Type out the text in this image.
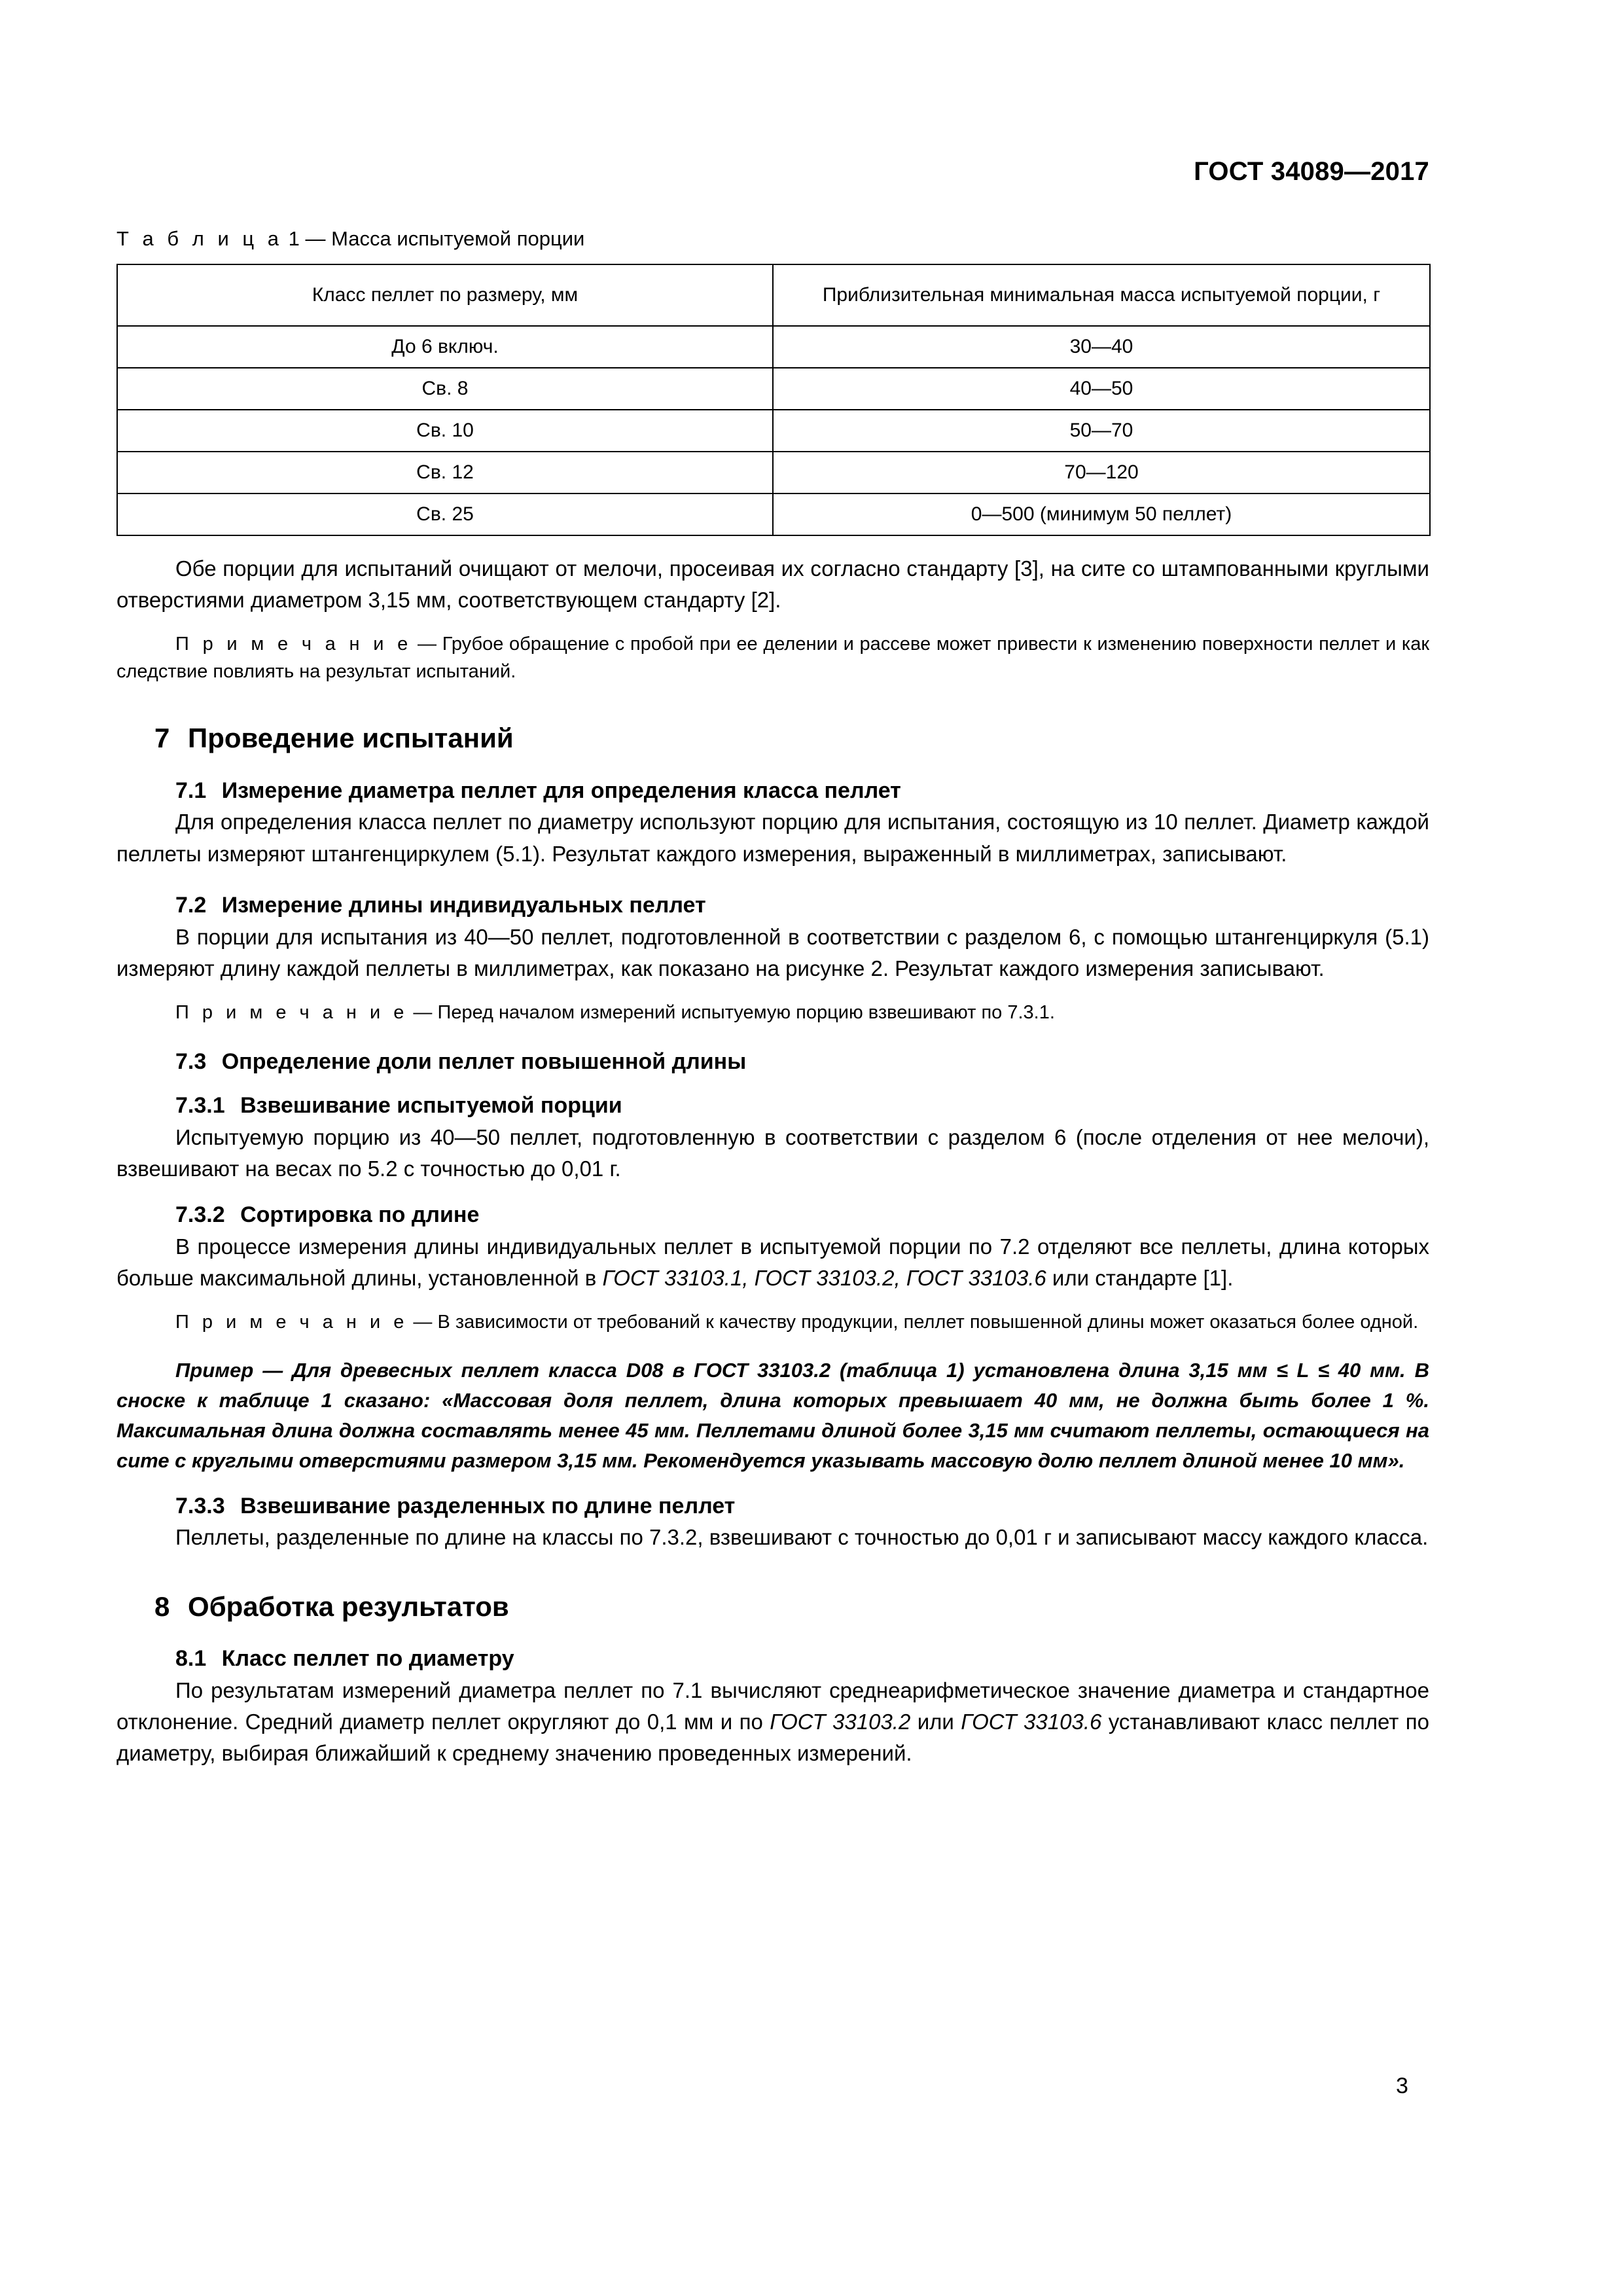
ГОСТ 34089—2017

Т а б л и ц а 1 — Масса испытуемой порции

Класс пеллет по размеру, мм	Приблизительная минимальная масса испытуемой порции, г
До 6 включ.	30—40
Св. 8	40—50
Св. 10	50—70
Св. 12	70—120
Св. 25	0—500 (минимум 50 пеллет)

Обе порции для испытаний очищают от мелочи, просеивая их согласно стандарту [3], на сите со штампованными круглыми отверстиями диаметром 3,15 мм, соответствующем стандарту [2].

П р и м е ч а н и е — Грубое обращение с пробой при ее делении и рассеве может привести к изменению поверхности пеллет и как следствие повлиять на результат испытаний.

7 Проведение испытаний
7.1 Измерение диаметра пеллет для определения класса пеллет

Для определения класса пеллет по диаметру используют порцию для испытания, состоящую из 10 пеллет. Диаметр каждой пеллеты измеряют штангенциркулем (5.1). Результат каждого измерения, выраженный в миллиметрах, записывают.

7.2 Измерение длины индивидуальных пеллет

В порции для испытания из 40—50 пеллет, подготовленной в соответствии с разделом 6, с помощью штангенциркуля (5.1) измеряют длину каждой пеллеты в миллиметрах, как показано на рисунке 2. Результат каждого измерения записывают.

П р и м е ч а н и е — Перед началом измерений испытуемую порцию взвешивают по 7.3.1.

7.3 Определение доли пеллет повышенной длины
7.3.1 Взвешивание испытуемой порции

Испытуемую порцию из 40—50 пеллет, подготовленную в соответствии с разделом 6 (после отделения от нее мелочи), взвешивают на весах по 5.2 с точностью до 0,01 г.

7.3.2 Сортировка по длине

В процессе измерения длины индивидуальных пеллет в испытуемой порции по 7.2 отделяют все пеллеты, длина которых больше максимальной длины, установленной в ГОСТ 33103.1, ГОСТ 33103.2, ГОСТ 33103.6 или стандарте [1].

П р и м е ч а н и е — В зависимости от требований к качеству продукции, пеллет повышенной длины может оказаться более одной.

Пример — Для древесных пеллет класса D08 в ГОСТ 33103.2 (таблица 1) установлена длина 3,15 мм ≤ L ≤ 40 мм. В сноске к таблице 1 сказано: «Массовая доля пеллет, длина которых превышает 40 мм, не должна быть более 1 %. Максимальная длина должна составлять менее 45 мм. Пеллетами длиной более 3,15 мм считают пеллеты, остающиеся на сите с круглыми отверстиями размером 3,15 мм. Рекомендуется указывать массовую долю пеллет длиной менее 10 мм».

7.3.3 Взвешивание разделенных по длине пеллет

Пеллеты, разделенные по длине на классы по 7.3.2, взвешивают с точностью до 0,01 г и записывают массу каждого класса.

8 Обработка результатов
8.1 Класс пеллет по диаметру

По результатам измерений диаметра пеллет по 7.1 вычисляют среднеарифметическое значение диаметра и стандартное отклонение. Средний диаметр пеллет округляют до 0,1 мм и по ГОСТ 33103.2 или ГОСТ 33103.6 устанавливают класс пеллет по диаметру, выбирая ближайший к среднему значению проведенных измерений.

3
